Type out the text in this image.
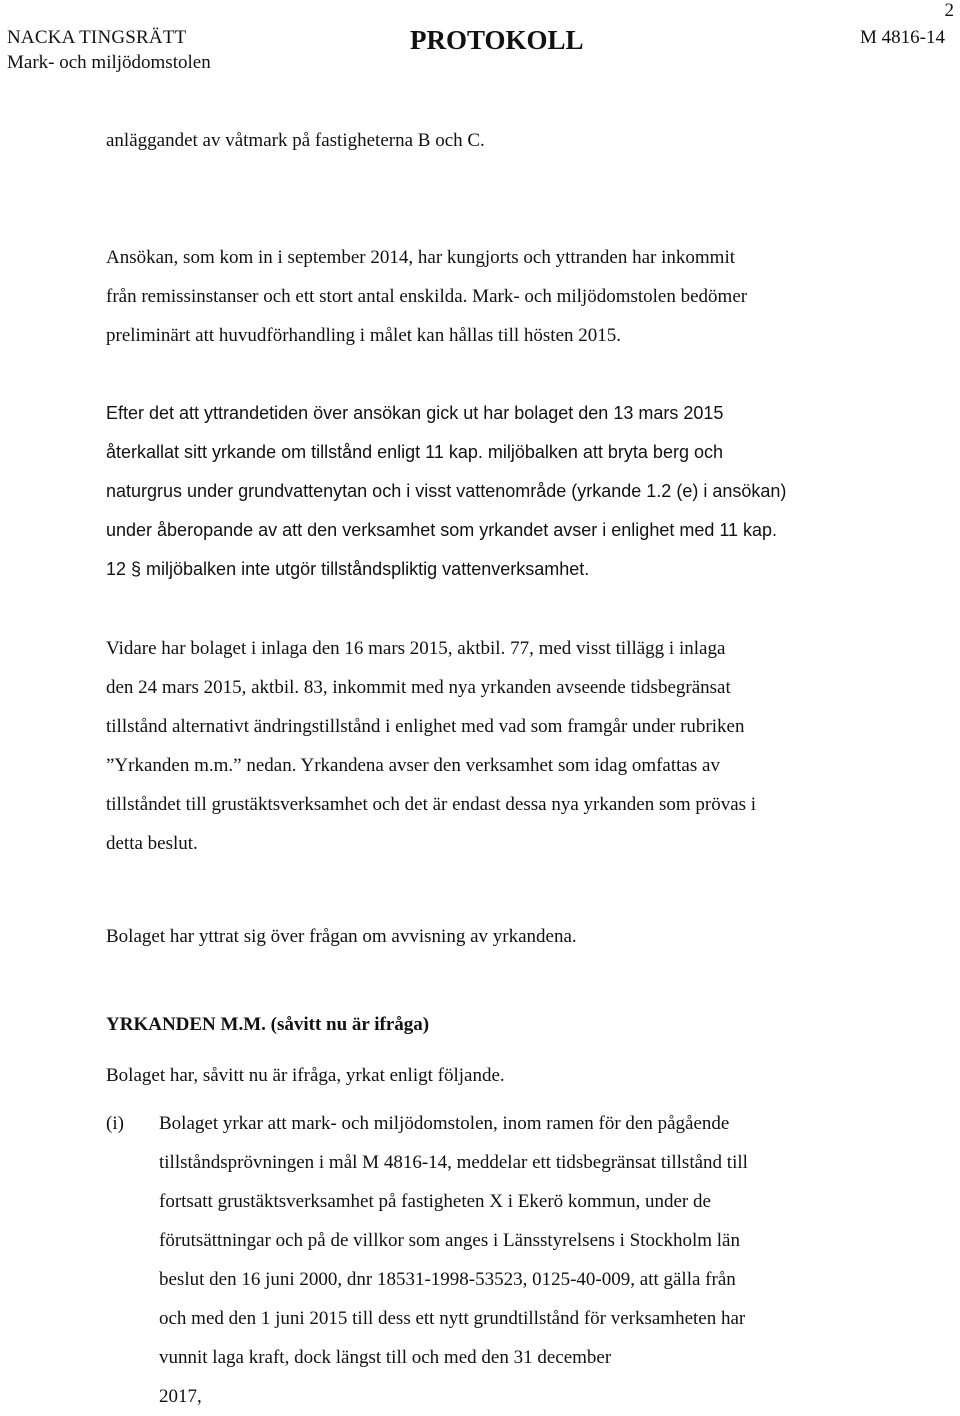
2
NACKA TINGSRÄTT
Mark- och miljödomstolen
PROTOKOLL	M 4816-14

anläggandet av våtmark på fastigheterna B och C.

Ansökan, som kom in i september 2014, har kungjorts och yttranden har inkommit

från remissinstanser och ett stort antal enskilda. Mark- och miljödomstolen bedömer

preliminärt att huvudförhandling i målet kan hållas till hösten 2015.

Efter det att yttrandetiden över ansökan gick ut har bolaget den 13 mars 2015

återkallat sitt yrkande om tillstånd enligt 11 kap. miljöbalken att bryta berg och

naturgrus under grundvattenytan och i visst vattenområde (yrkande 1.2 (e) i ansökan)

under åberopande av att den verksamhet som yrkandet avser i enlighet med 11 kap.

12 § miljöbalken inte utgör tillståndspliktig vattenverksamhet.

Vidare har bolaget i inlaga den 16 mars 2015, aktbil. 77, med visst tillägg i inlaga

den 24 mars 2015, aktbil. 83, inkommit med nya yrkanden avseende tidsbegränsat

tillstånd alternativt ändringstillstånd i enlighet med vad som framgår under rubriken

”Yrkanden m.m.” nedan. Yrkandena avser den verksamhet som idag omfattas av

tillståndet till grustäktsverksamhet och det är endast dessa nya yrkanden som prövas i

detta beslut.

Bolaget har yttrat sig över frågan om avvisning av yrkandena.

YRKANDEN M.M. (såvitt nu är ifråga)

Bolaget har, såvitt nu är ifråga, yrkat enligt följande.

(i) Bolaget yrkar att mark- och miljödomstolen, inom ramen för den pågående
tillståndsprövningen i mål M 4816-14, meddelar ett tidsbegränsat tillstånd till
fortsatt grustäktsverksamhet på fastigheten X i Ekerö kommun, under de
förutsättningar och på de villkor som anges i Länsstyrelsens i Stockholm län
beslut den 16 juni 2000, dnr 18531-1998-53523, 0125-40-009, att gälla från
och med den 1 juni 2015 till dess ett nytt grundtillstånd för verksamheten har
vunnit laga kraft, dock längst till och med den 31 december
2017,
